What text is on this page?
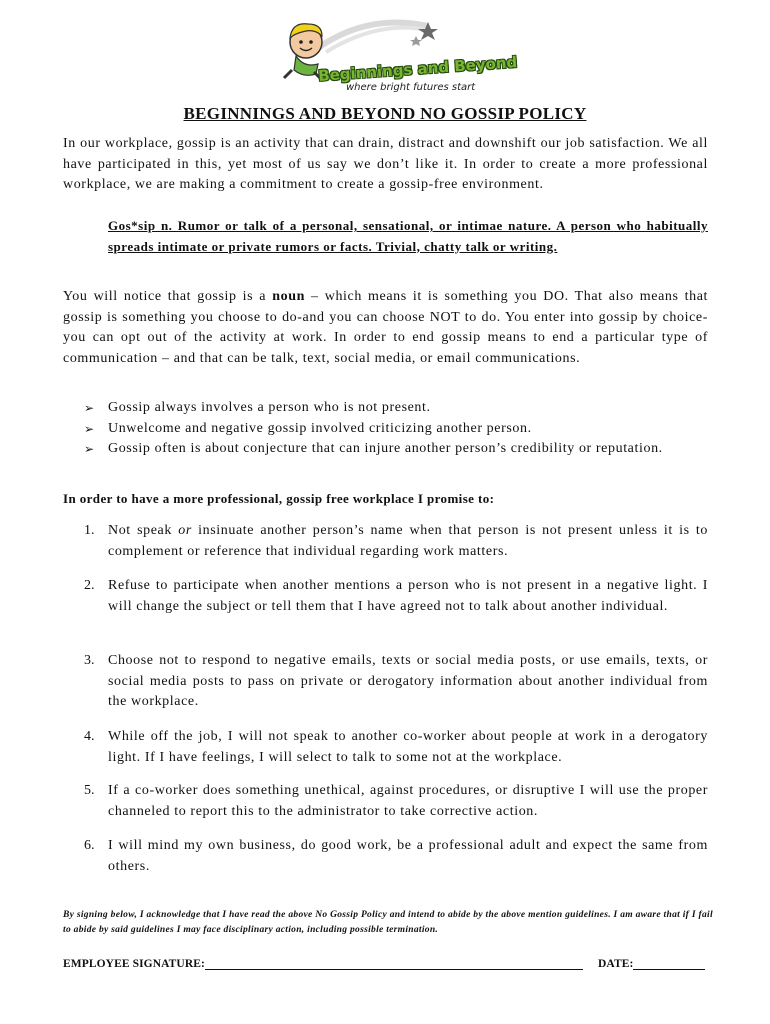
Beginnings and Beyond
where bright futures start
BEGINNINGS AND BEYOND NO GOSSIP POLICY

In our workplace, gossip is an activity that can drain, distract and downshift our job satisfaction. We all have participated in this, yet most of us say we don’t like it. In order to create a more professional workplace, we are making a commitment to create a gossip-free environment.

Gos*sip n. Rumor or talk of a personal, sensational, or intimae nature. A person who habitually spreads intimate or private rumors or facts. Trivial, chatty talk or writing.

You will notice that gossip is a noun – which means it is something you DO. That also means that gossip is something you choose to do-and you can choose NOT to do. You enter into gossip by choice-you can opt out of the activity at work. In order to end gossip means to end a particular type of communication – and that can be talk, text, social media, or email communications.

➢ Gossip always involves a person who is not present.
➢ Unwelcome and negative gossip involved criticizing another person.
➢ Gossip often is about conjecture that can injure another person’s credibility or reputation.

In order to have a more professional, gossip free workplace I promise to:

1. Not speak or insinuate another person’s name when that person is not present unless it is to complement or reference that individual regarding work matters.
2. Refuse to participate when another mentions a person who is not present in a negative light. I will change the subject or tell them that I have agreed not to talk about another individual.
3. Choose not to respond to negative emails, texts or social media posts, or use emails, texts, or social media posts to pass on private or derogatory information about another individual from the workplace.
4. While off the job, I will not speak to another co-worker about people at work in a derogatory light. If I have feelings, I will select to talk to some not at the workplace.
5. If a co-worker does something unethical, against procedures, or disruptive I will use the proper channeled to report this to the administrator to take corrective action.
6. I will mind my own business, do good work, be a professional adult and expect the same from others.

By signing below, I acknowledge that I have read the above No Gossip Policy and intend to abide by the above mention guidelines. I am aware that if I fail to abide by said guidelines I may face disciplinary action, including possible termination.

EMPLOYEE SIGNATURE:	DATE:
